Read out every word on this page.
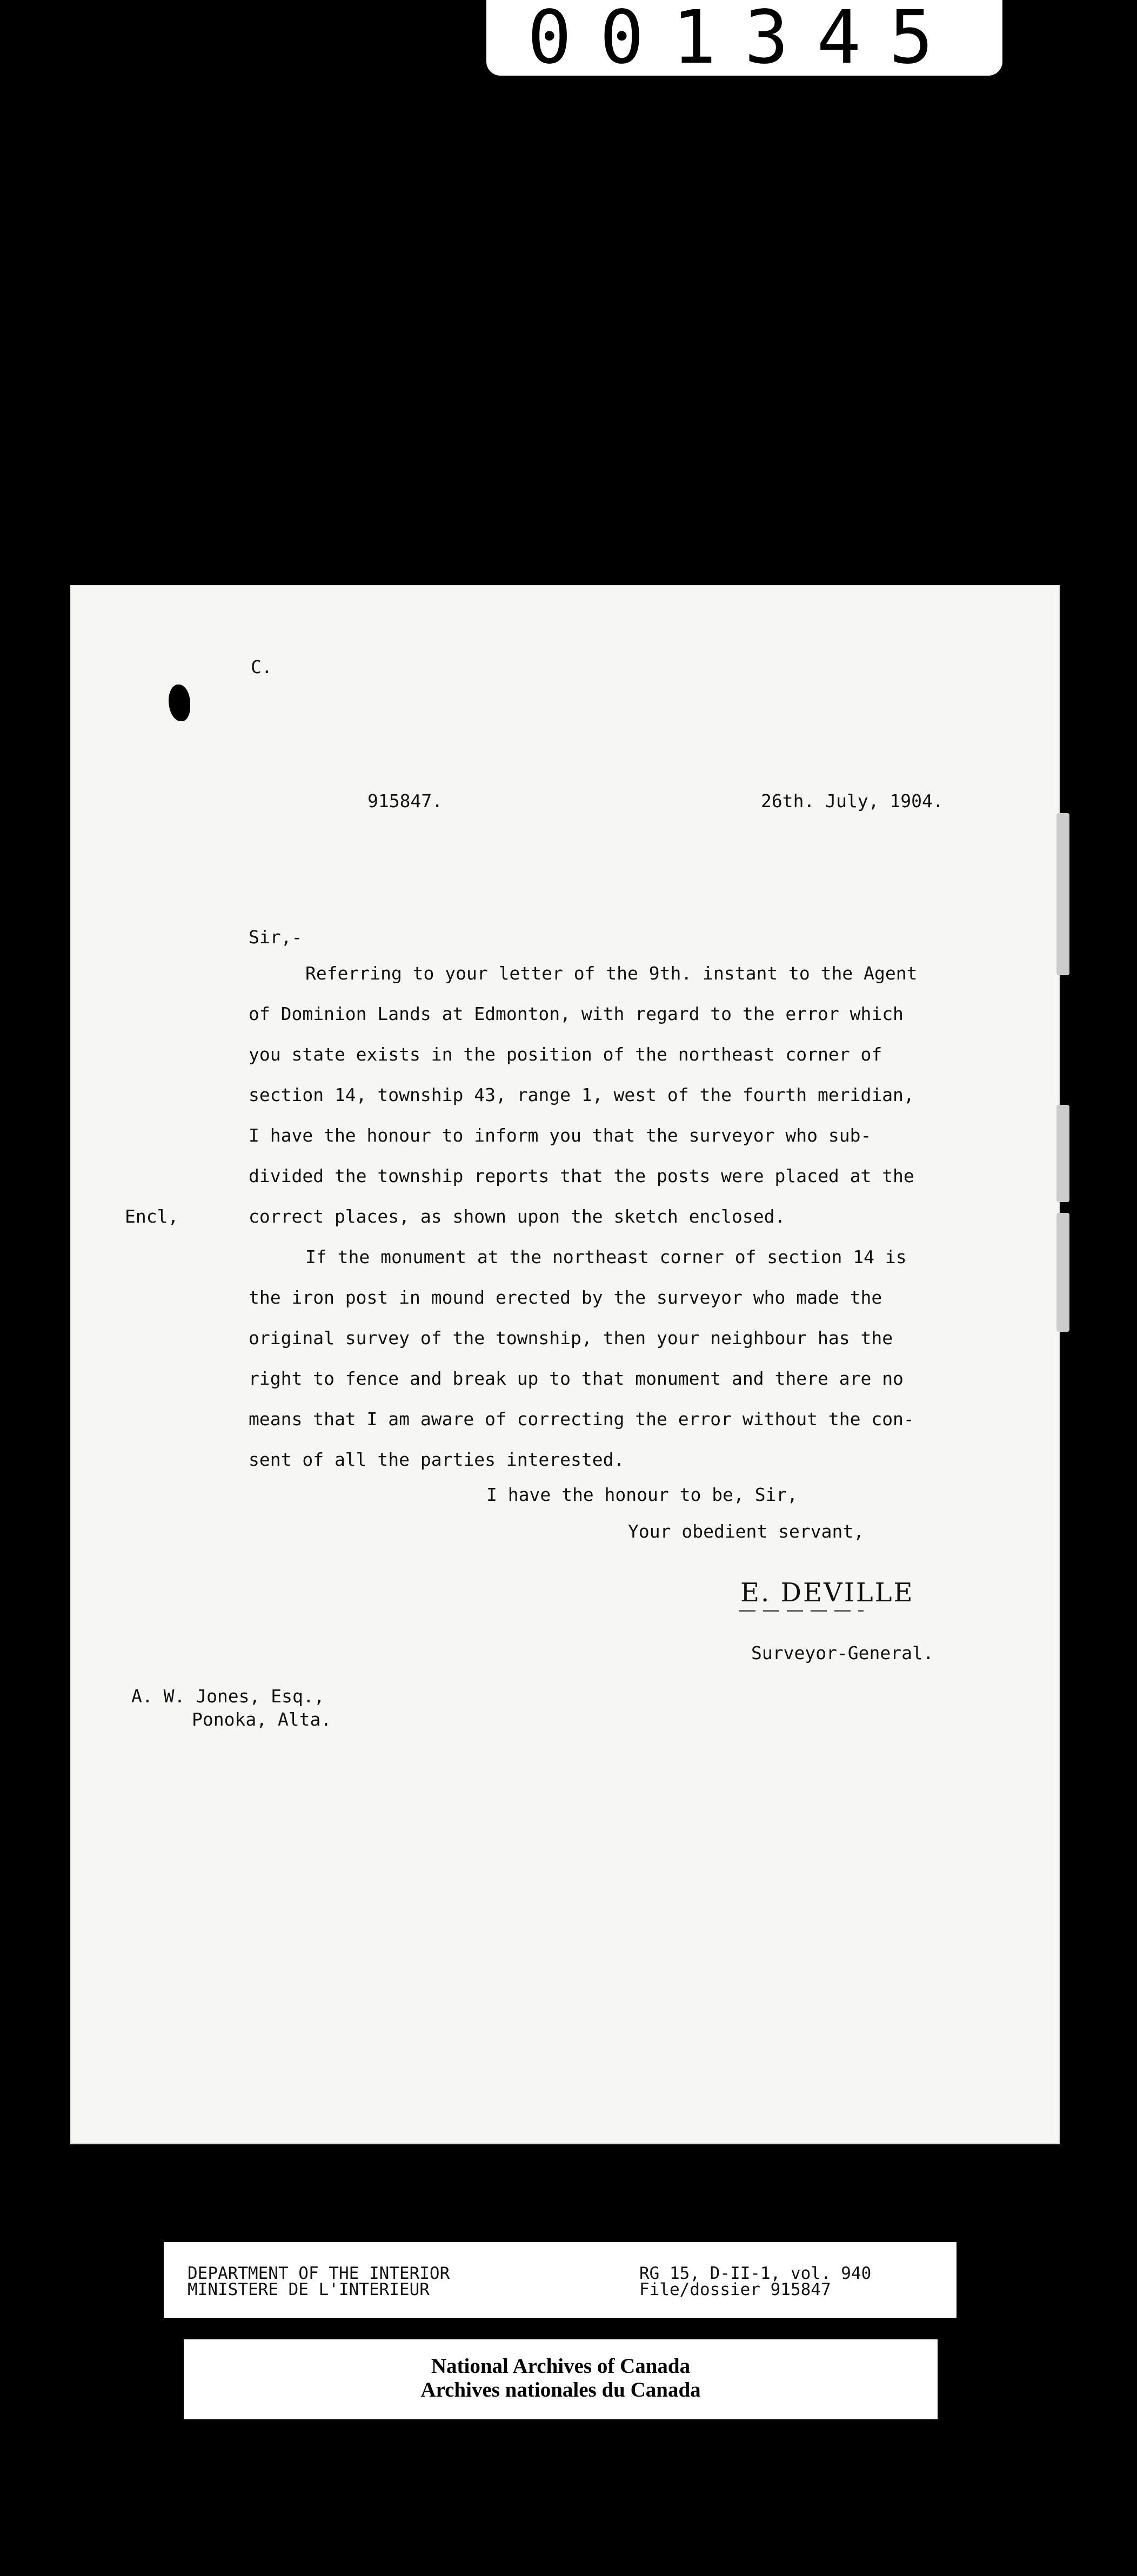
001345
C.
915847.	26th. July, 1904.
Sir,-
Referring to your letter of the 9th. instant to the Agent
of Dominion Lands at Edmonton, with regard to the error which
you state exists in the position of the northeast corner of
section 14, township 43, range 1, west of the fourth meridian,
I have the honour to inform you that the surveyor who sub-
divided the township reports that the posts were placed at the
correct places, as shown upon the sketch enclosed.
Encl,
If the monument at the northeast corner of section 14 is
the iron post in mound erected by the surveyor who made the
original survey of the township, then your neighbour has the
right to fence and break up to that monument and there are no
means that I am aware of correcting the error without the con-
sent of all the parties interested.
I have the honour to be, Sir,
Your obedient servant,
E. DEVILLE
Surveyor-General.
A. W. Jones, Esq.,
Ponoka, Alta.
DEPARTMENT OF THE INTERIOR
MINISTERE DE L'INTERIEUR
RG 15, D-II-1, vol. 940
File/dossier 915847
National Archives of Canada
Archives nationales du Canada
